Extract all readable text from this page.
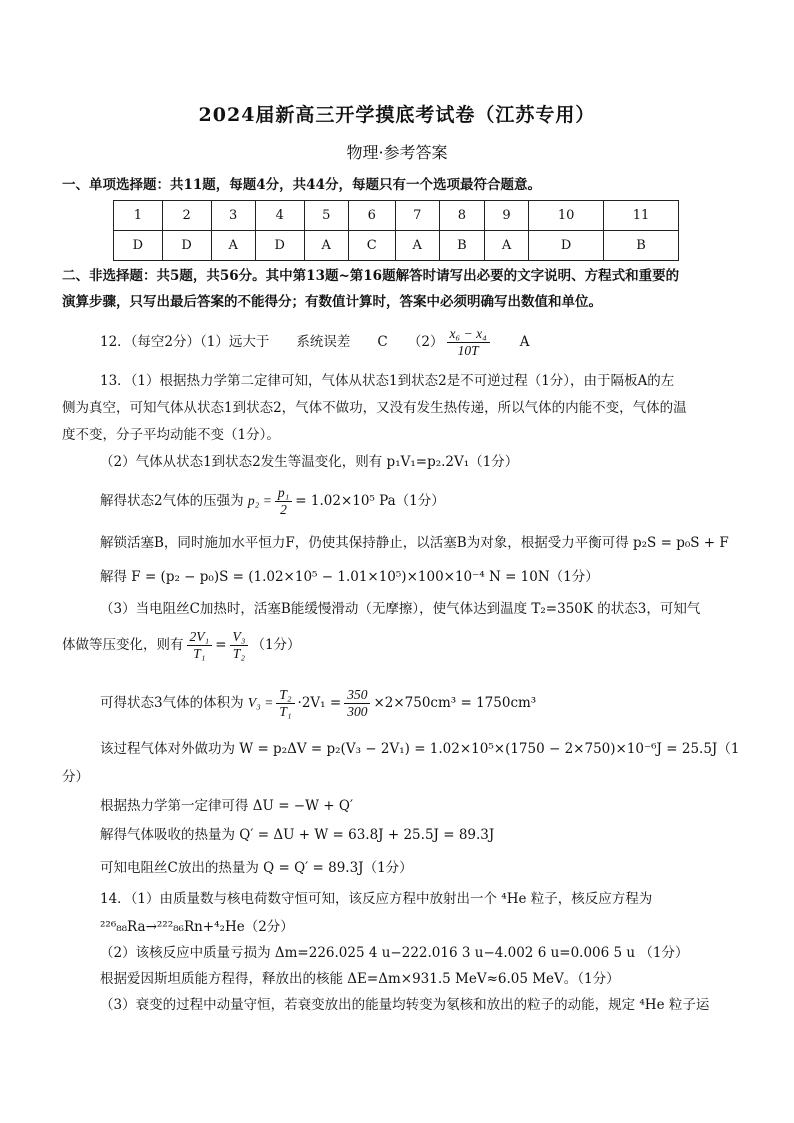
2024届新高三开学摸底考试卷（江苏专用）
物理·参考答案
一、单项选择题：共11题，每题4分，共44分，每题只有一个选项最符合题意。
1	2	3	4	5	6	7	8	9	10	11
D	D	A	D	A	C	A	B	A	D	B
二、非选择题：共5题，共56分。其中第13题~第16题解答时请写出必要的文字说明、方程式和重要的
演算步骤，只写出最后答案的不能得分；有数值计算时，答案中必须明确写出数值和单位。
12．（每空2分）（1）远大于　　系统误差　　C　　$(2) \frac{\text{x₆ − x₄}}{10T}$ 　　A
13．（1）根据热力学第二定律可知，气体从状态1到状态2是不可逆过程（1分），由于隔板A的左
侧为真空，可知气体从状态1到状态2，气体不做功，又没有发生热传递，所以气体的内能不变，气体的温
度不变，分子平均动能不变（1分）。
（2）气体从状态1到状态2发生等温变化，则有 p₁V₁=p₂.2V₁（1分）
解得状态2气体的压强为 $p_2 = \frac{\text{p₁}}{2} = 1.02\times 10^5$ Pa（1分）
解锁活塞B，同时施加水平恒力F，仍使其保持静止，以活塞B为对象，根据受力平衡可得 p₂S = p₀S + F
解得 F = (p₂ − p₀)S = (1.02×10⁵ − 1.01×10⁵)×100×10⁻⁴ N = 10N（1分）
（3）当电阻丝C加热时，活塞B能缓慢滑动（无摩擦），使气体达到温度 T₂=350K 的状态3，可知气
体做等压变化，则有 $\frac{\text{2V₁}}{\text{T₁}} = \frac{\text{V₃}}{\text{T₂}} (1$分）
可得状态3气体的体积为 $V_3 = \frac{\text{T₂}}{\text{T₁}} \cdot 2V_1 = \frac{350}{300} \times 2\times 750cm^3 = 1750cm^3$
该过程气体对外做功为 W = p₂ΔV = p₂(V₃ − 2V₁) = 1.02×10⁵×(1750 − 2×750)×10⁻⁶J = 25.5J（1
分）
根据热力学第一定律可得 ΔU = −W + Q′
解得气体吸收的热量为 Q′ = ΔU + W = 63.8J + 25.5J = 89.3J
可知电阻丝C放出的热量为 Q = Q′ = 89.3J（1分）
14．（1）由质量数与核电荷数守恒可知，该反应方程中放射出一个 ⁴He 粒子，核反应方程为
²²⁶₈₈Ra→²²²₈₆Rn+⁴₂He（2分）
（2）该核反应中质量亏损为 Δm=226.025 4 u−222.016 3 u−4.002 6 u=0.006 5 u （1分）
根据爱因斯坦质能方程得，释放出的核能 ΔE=Δm×931.5 MeV≈6.05 MeV。（1分）
（3）衰变的过程中动量守恒，若衰变放出的能量均转变为氡核和放出的粒子的动能，规定 ⁴He 粒子运
